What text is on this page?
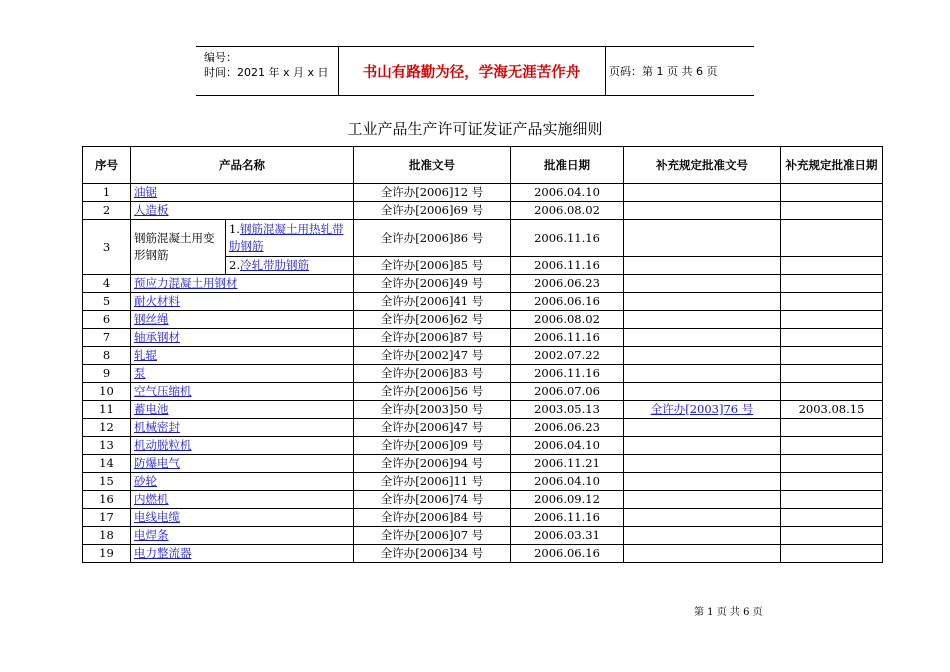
编号：
时间：2021 年 x 月 x 日	书山有路勤为径，学海无涯苦作舟	页码：第 1 页 共 6 页
工业产品生产许可证发证产品实施细则
序号	产品名称		批准文号	批准日期	补充规定批准文号	补充规定批准日期
1	油锯		全许办[2006]12 号	2006.04.10		
2	人造板		全许办[2006]69 号	2006.08.02		
3	钢筋混凝土用变形钢筋	1.钢筋混凝土用热轧带肋钢筋	全许办[2006]86 号	2006.11.16		
		2.冷轧带肋钢筋	全许办[2006]85 号	2006.11.16		
4	预应力混凝土用钢材		全许办[2006]49 号	2006.06.23		
5	耐火材料		全许办[2006]41 号	2006.06.16		
6	钢丝绳		全许办[2006]62 号	2006.08.02		
7	轴承钢材		全许办[2006]87 号	2006.11.16		
8	轧辊		全许办[2002]47 号	2002.07.22		
9	泵		全许办[2006]83 号	2006.11.16		
10	空气压缩机		全许办[2006]56 号	2006.07.06		
11	蓄电池		全许办[2003]50 号	2003.05.13	全许办[2003]76 号	2003.08.15
12	机械密封		全许办[2006]47 号	2006.06.23		
13	机动脱粒机		全许办[2006]09 号	2006.04.10		
14	防爆电气		全许办[2006]94 号	2006.11.21		
15	砂轮		全许办[2006]11 号	2006.04.10		
16	内燃机		全许办[2006]74 号	2006.09.12		
17	电线电缆		全许办[2006]84 号	2006.11.16		
18	电焊条		全许办[2006]07 号	2006.03.31		
19	电力整流器		全许办[2006]34 号	2006.06.16		
第 1 页 共 6 页
